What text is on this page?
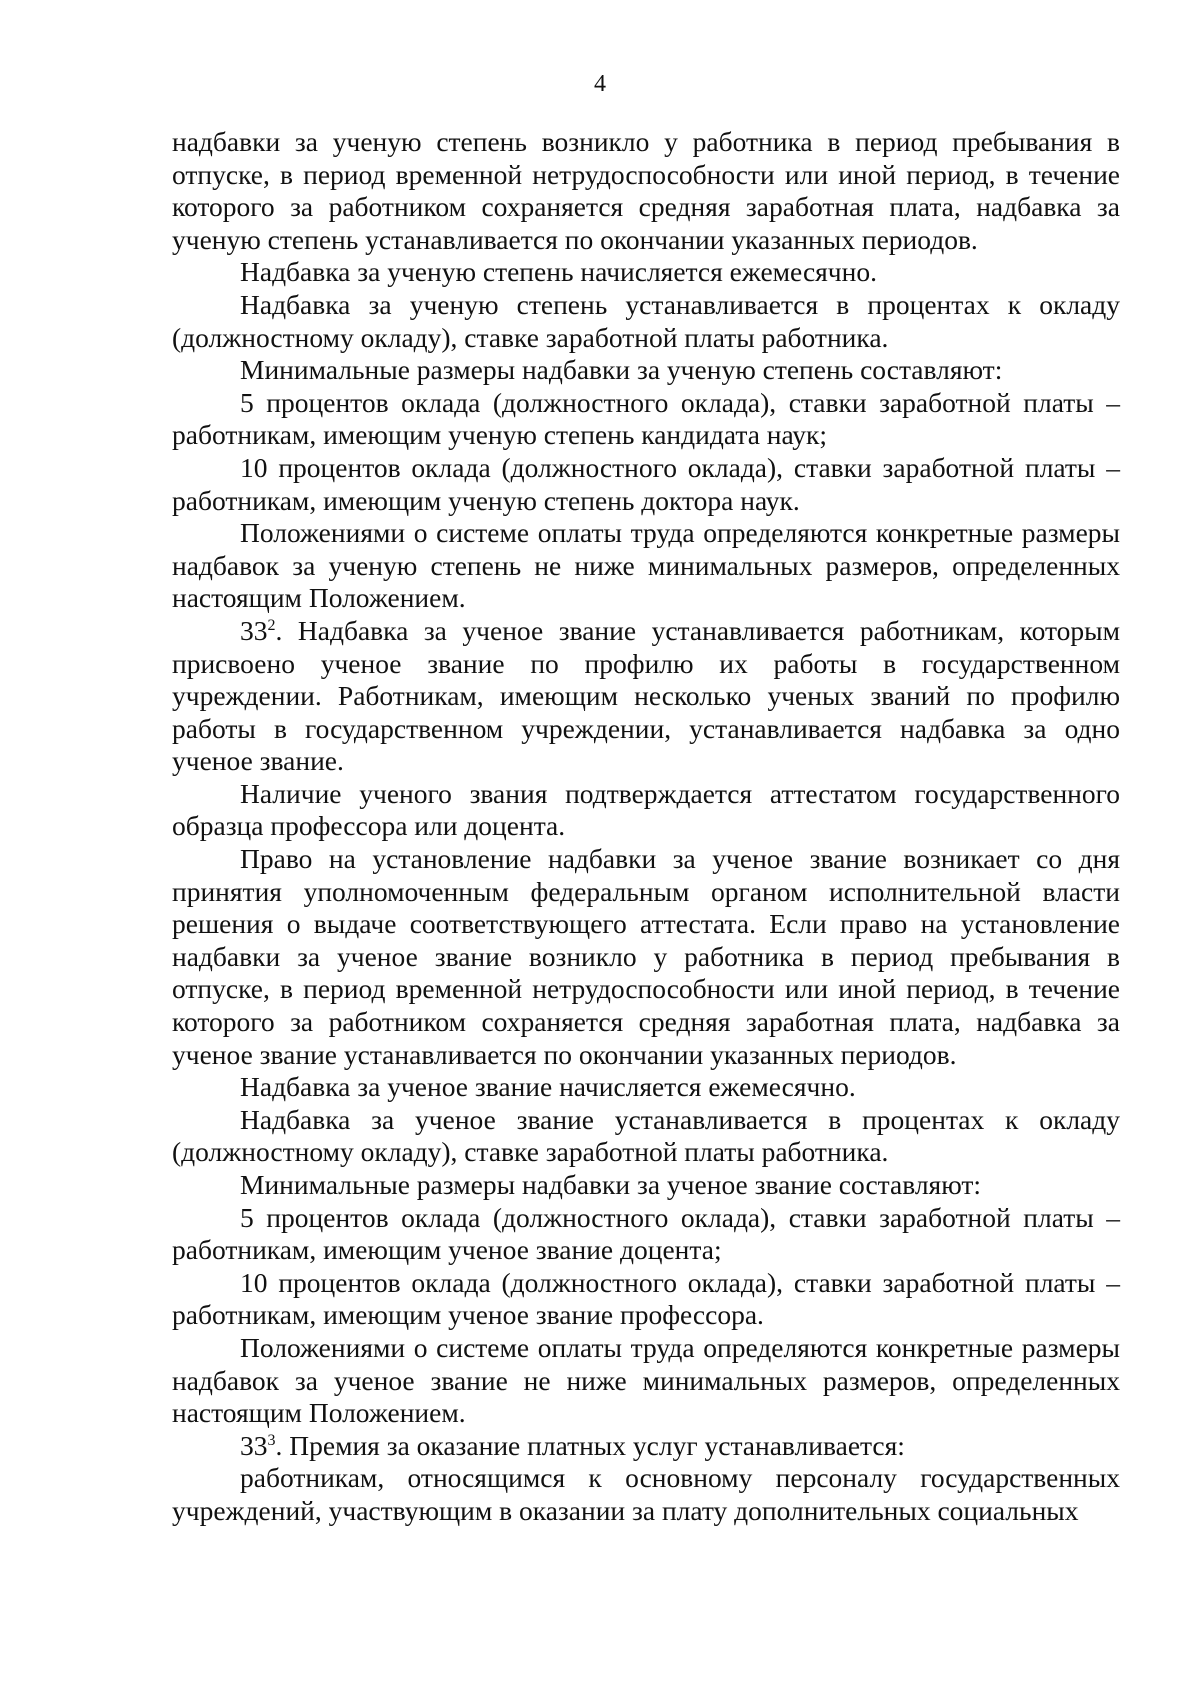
4

надбавки за ученую степень возникло у работника в период пребывания в отпуске, в период временной нетрудоспособности или иной период, в течение которого за работником сохраняется средняя заработная плата, надбавка за ученую степень устанавливается по окончании указанных периодов.

Надбавка за ученую степень начисляется ежемесячно.

Надбавка за ученую степень устанавливается в процентах к окладу (должностному окладу), ставке заработной платы работника.

Минимальные размеры надбавки за ученую степень составляют:

5 процентов оклада (должностного оклада), ставки заработной платы – работникам, имеющим ученую степень кандидата наук;

10 процентов оклада (должностного оклада), ставки заработной платы – работникам, имеющим ученую степень доктора наук.

Положениями о системе оплаты труда определяются конкретные размеры надбавок за ученую степень не ниже минимальных размеров, определенных настоящим Положением.

$33^2$. Надбавка за ученое звание устанавливается работникам, которым присвоено ученое звание по профилю их работы в государственном учреждении. Работникам, имеющим несколько ученых званий по профилю работы в государственном учреждении, устанавливается надбавка за одно ученое звание.

Наличие ученого звания подтверждается аттестатом государственного образца профессора или доцента.

Право на установление надбавки за ученое звание возникает со дня принятия уполномоченным федеральным органом исполнительной власти решения о выдаче соответствующего аттестата. Если право на установление надбавки за ученое звание возникло у работника в период пребывания в отпуске, в период временной нетрудоспособности или иной период, в течение которого за работником сохраняется средняя заработная плата, надбавка за ученое звание устанавливается по окончании указанных периодов.

Надбавка за ученое звание начисляется ежемесячно.

Надбавка за ученое звание устанавливается в процентах к окладу (должностному окладу), ставке заработной платы работника.

Минимальные размеры надбавки за ученое звание составляют:

5 процентов оклада (должностного оклада), ставки заработной платы – работникам, имеющим ученое звание доцента;

10 процентов оклада (должностного оклада), ставки заработной платы – работникам, имеющим ученое звание профессора.

Положениями о системе оплаты труда определяются конкретные размеры надбавок за ученое звание не ниже минимальных размеров, определенных настоящим Положением.

$33^3$. Премия за оказание платных услуг устанавливается:

работникам, относящимся к основному персоналу государственных учреждений, участвующим в оказании за плату дополнительных социальных
